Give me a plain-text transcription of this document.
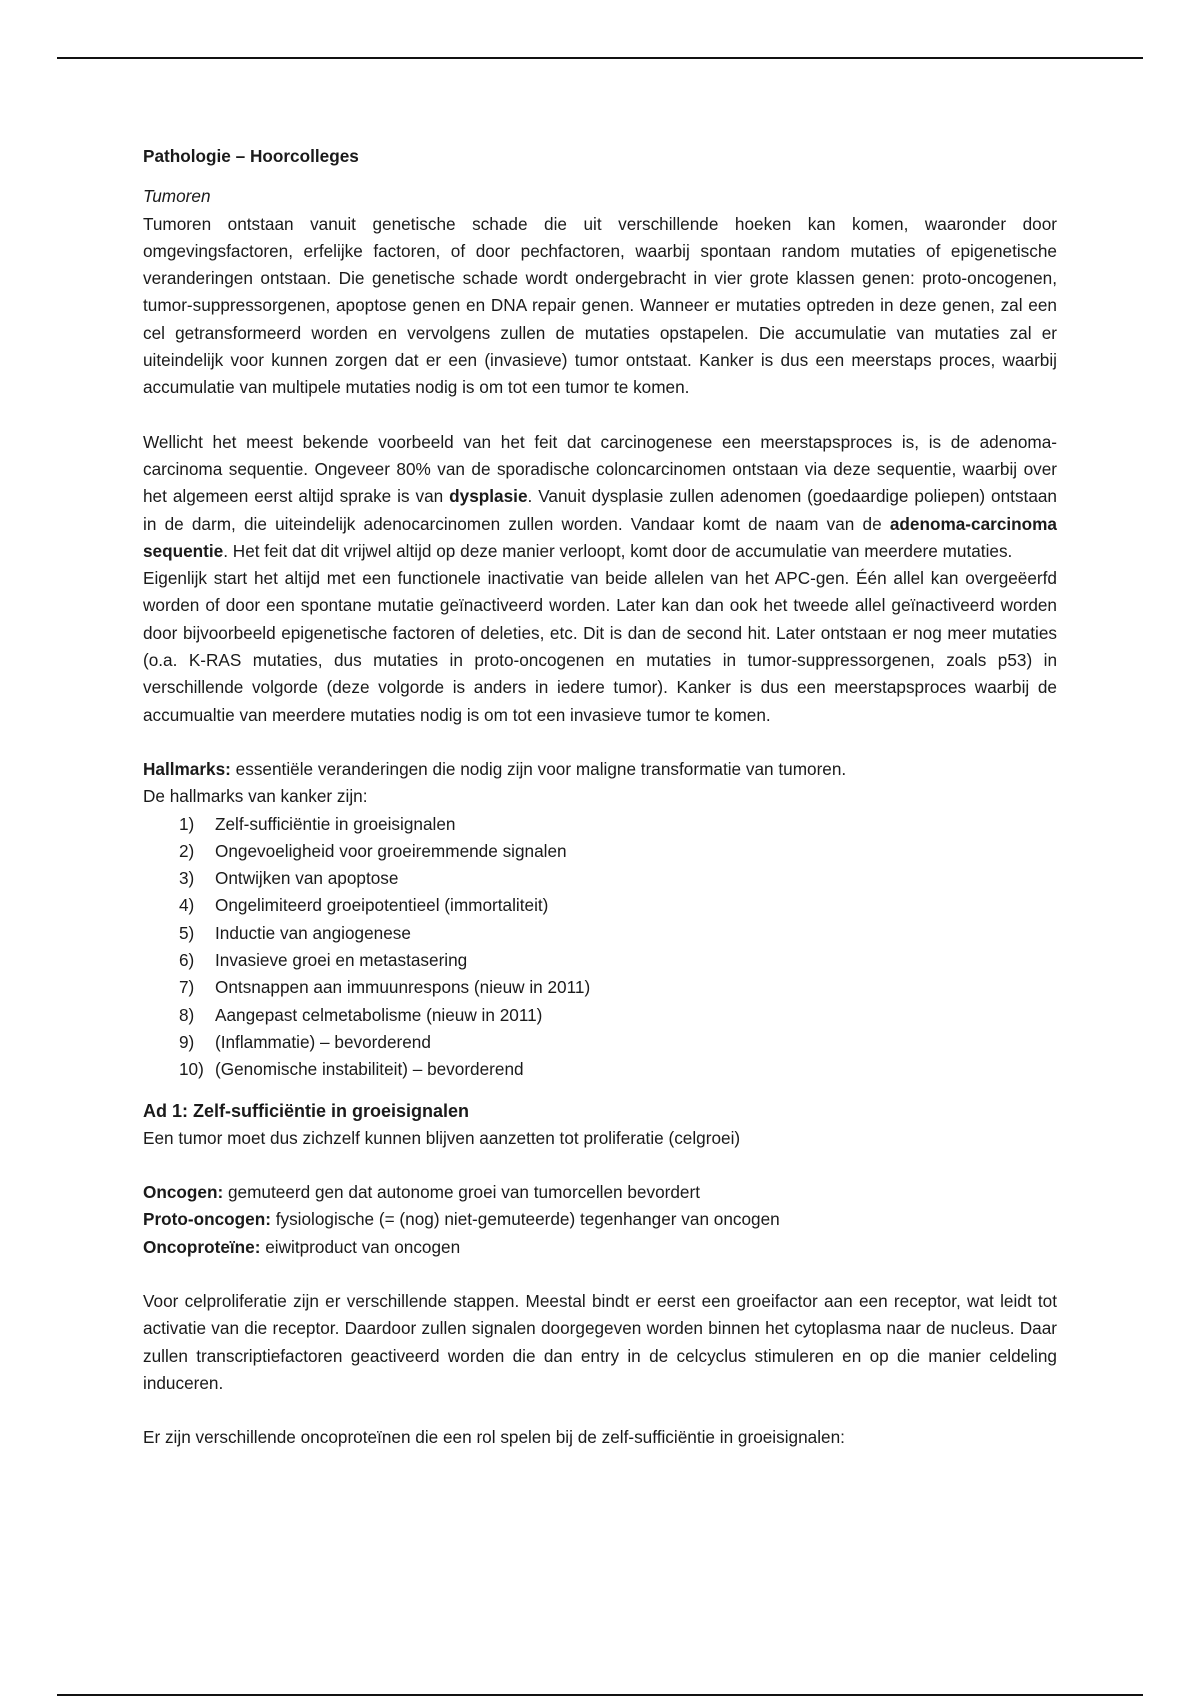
Pathologie – Hoorcolleges

Tumoren

Tumoren ontstaan vanuit genetische schade die uit verschillende hoeken kan komen, waaronder door omgevingsfactoren, erfelijke factoren, of door pechfactoren, waarbij spontaan random mutaties of epigenetische veranderingen ontstaan. Die genetische schade wordt ondergebracht in vier grote klassen genen: proto-oncogenen, tumor-suppressorgenen, apoptose genen en DNA repair genen. Wanneer er mutaties optreden in deze genen, zal een cel getransformeerd worden en vervolgens zullen de mutaties opstapelen. Die accumulatie van mutaties zal er uiteindelijk voor kunnen zorgen dat er een (invasieve) tumor ontstaat. Kanker is dus een meerstaps proces, waarbij accumulatie van multipele mutaties nodig is om tot een tumor te komen.

Wellicht het meest bekende voorbeeld van het feit dat carcinogenese een meerstapsproces is, is de adenoma-carcinoma sequentie. Ongeveer 80% van de sporadische coloncarcinomen ontstaan via deze sequentie, waarbij over het algemeen eerst altijd sprake is van dysplasie. Vanuit dysplasie zullen adenomen (goedaardige poliepen) ontstaan in de darm, die uiteindelijk adenocarcinomen zullen worden. Vandaar komt de naam van de adenoma-carcinoma sequentie. Het feit dat dit vrijwel altijd op deze manier verloopt, komt door de accumulatie van meerdere mutaties.

Eigenlijk start het altijd met een functionele inactivatie van beide allelen van het APC-gen. Één allel kan overgeëerfd worden of door een spontane mutatie geïnactiveerd worden. Later kan dan ook het tweede allel geïnactiveerd worden door bijvoorbeeld epigenetische factoren of deleties, etc. Dit is dan de second hit. Later ontstaan er nog meer mutaties (o.a. K-RAS mutaties, dus mutaties in proto-oncogenen en mutaties in tumor-suppressorgenen, zoals p53) in verschillende volgorde (deze volgorde is anders in iedere tumor). Kanker is dus een meerstapsproces waarbij de accumualtie van meerdere mutaties nodig is om tot een invasieve tumor te komen.

Hallmarks: essentiële veranderingen die nodig zijn voor maligne transformatie van tumoren.

De hallmarks van kanker zijn:

1)	Zelf-sufficiëntie in groeisignalen
2)	Ongevoeligheid voor groeiremmende signalen
3)	Ontwijken van apoptose
4)	Ongelimiteerd groeipotentieel (immortaliteit)
5)	Inductie van angiogenese
6)	Invasieve groei en metastasering
7)	Ontsnappen aan immuunrespons (nieuw in 2011)
8)	Aangepast celmetabolisme (nieuw in 2011)
9)	(Inflammatie) – bevorderend
10) (Genomische instabiliteit) – bevorderend

Ad 1: Zelf-sufficiëntie in groeisignalen

Een tumor moet dus zichzelf kunnen blijven aanzetten tot proliferatie (celgroei)

Oncogen: gemuteerd gen dat autonome groei van tumorcellen bevordert

Proto-oncogen: fysiologische (= (nog) niet-gemuteerde) tegenhanger van oncogen

Oncoproteïne: eiwitproduct van oncogen

Voor celproliferatie zijn er verschillende stappen. Meestal bindt er eerst een groeifactor aan een receptor, wat leidt tot activatie van die receptor. Daardoor zullen signalen doorgegeven worden binnen het cytoplasma naar de nucleus. Daar zullen transcriptiefactoren geactiveerd worden die dan entry in de celcyclus stimuleren en op die manier celdeling induceren.

Er zijn verschillende oncoproteïnen die een rol spelen bij de zelf-sufficiëntie in groeisignalen:
